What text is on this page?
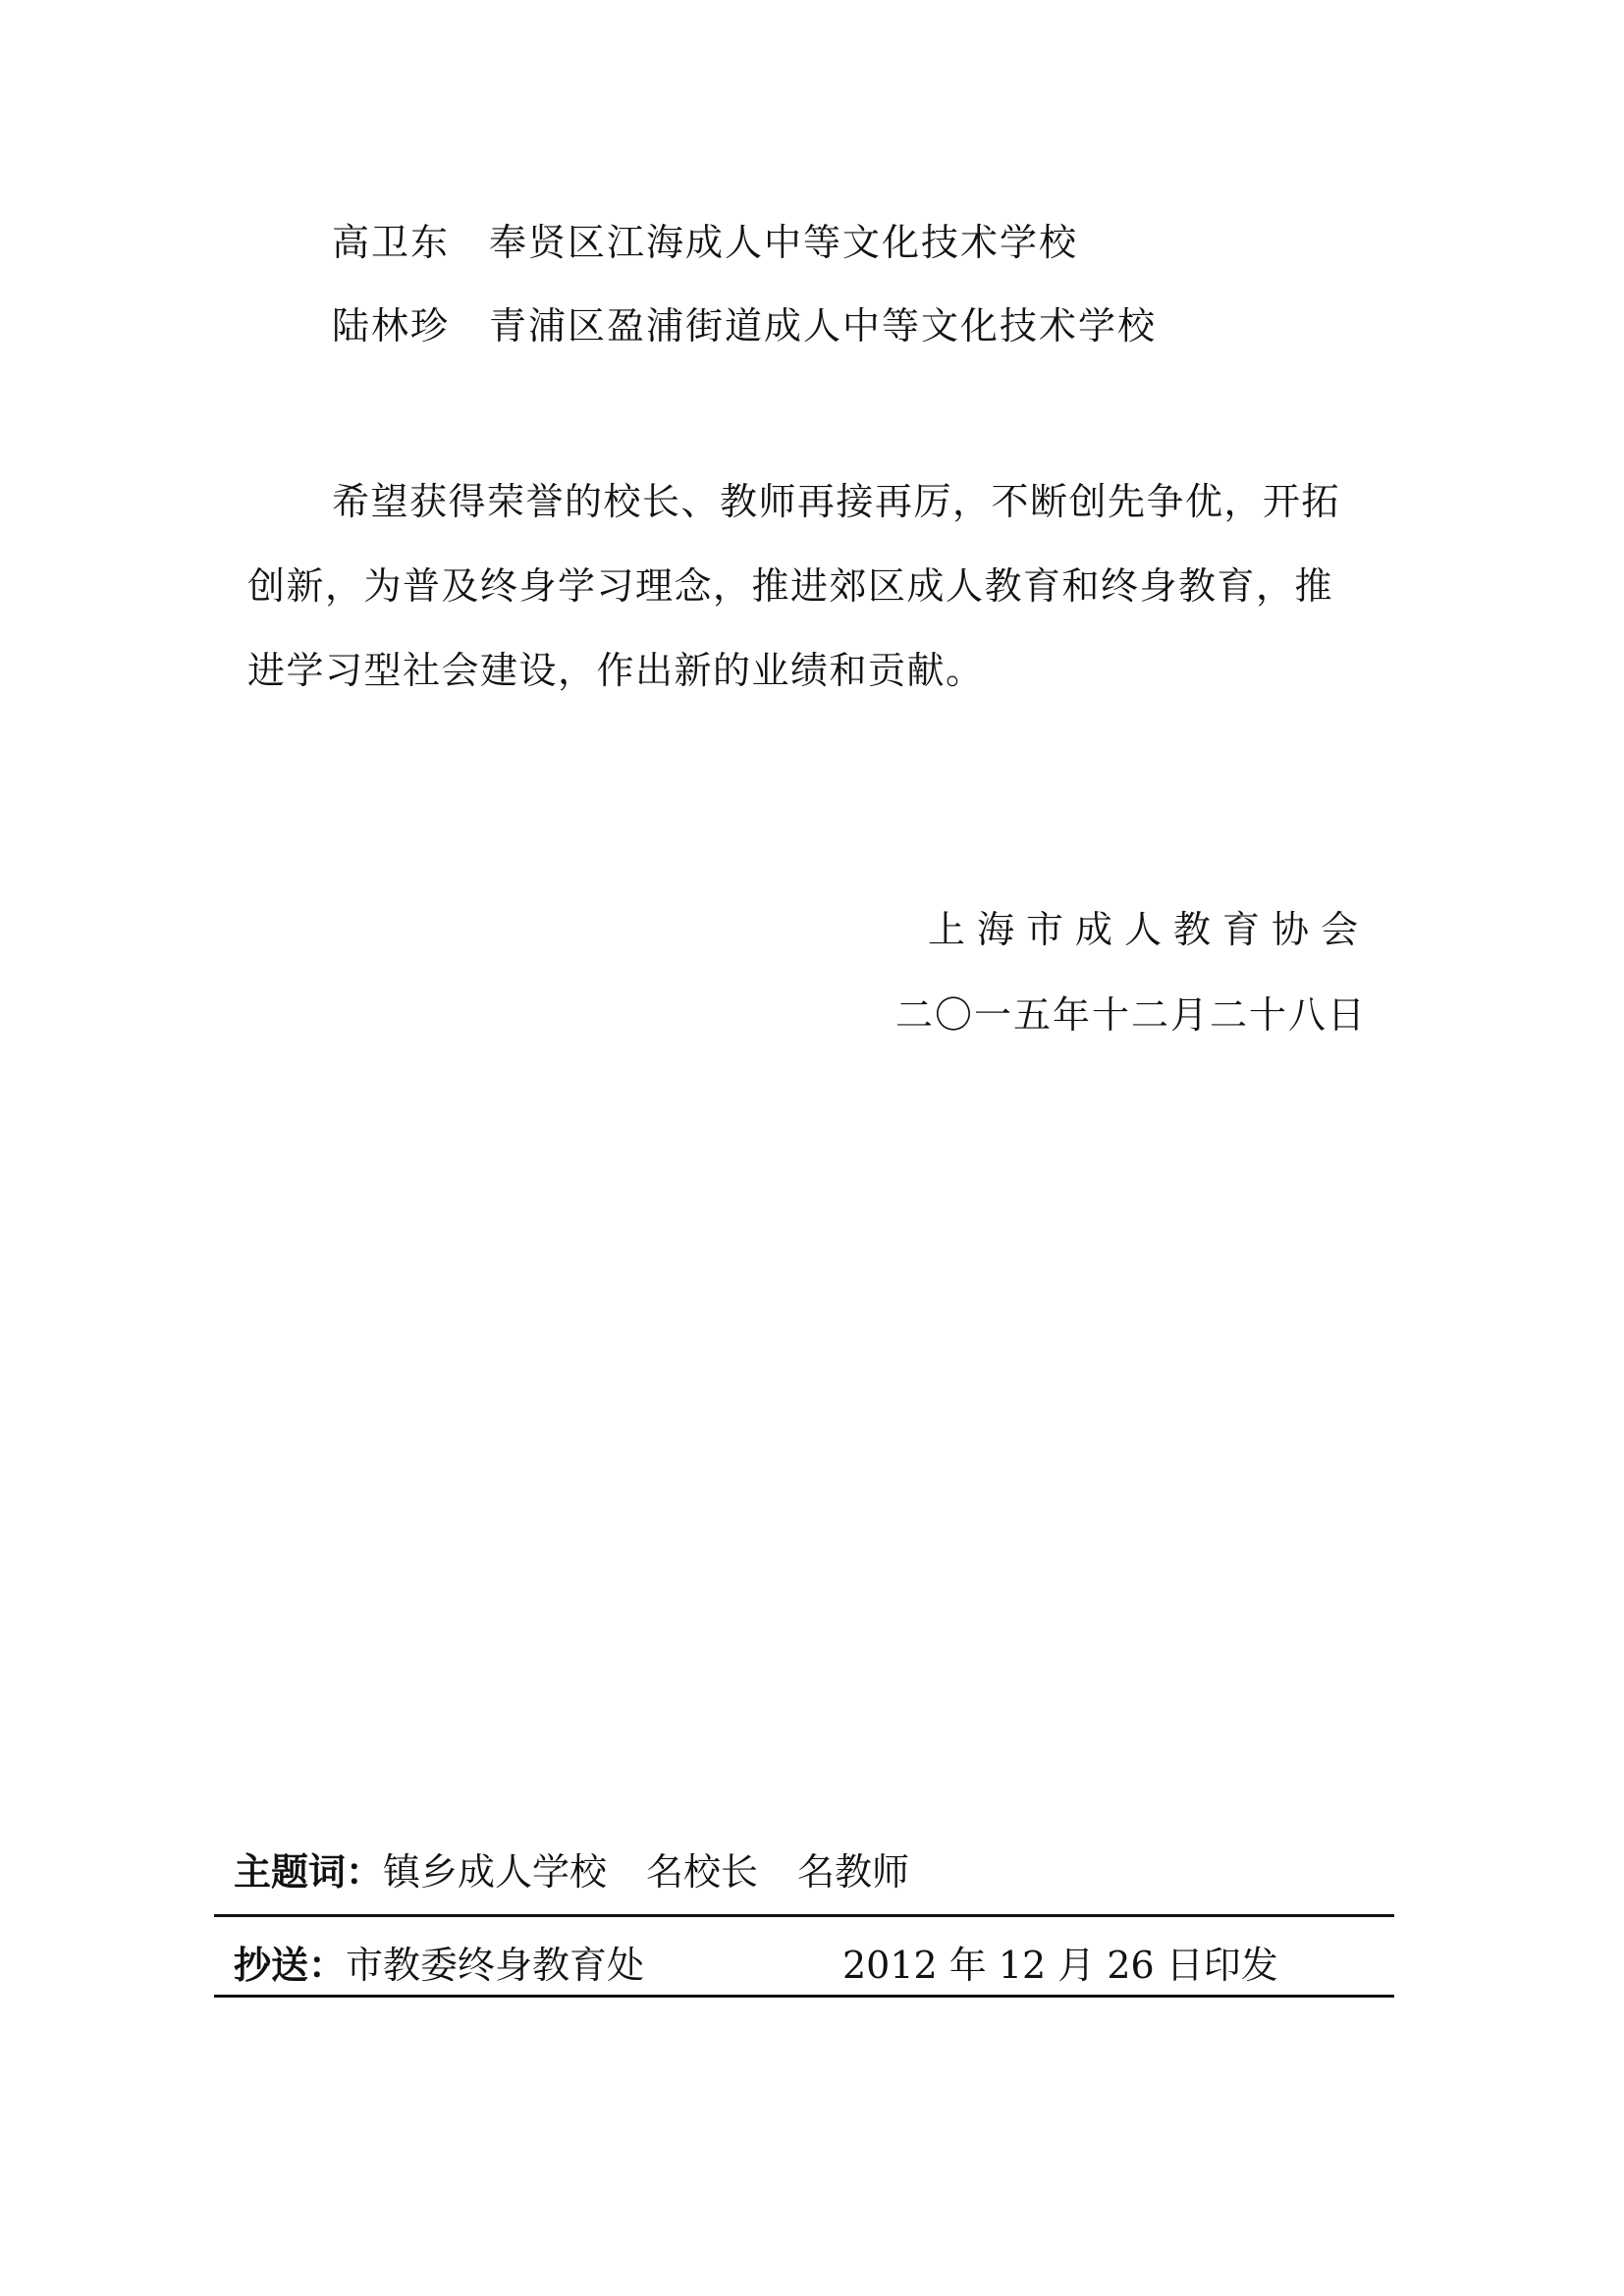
高卫东 奉贤区江海成人中等文化技术学校
陆林珍 青浦区盈浦街道成人中等文化技术学校
希望获得荣誉的校长、教师再接再厉，不断创先争优，开拓
创新，为普及终身学习理念，推进郊区成人教育和终身教育，推
进学习型社会建设，作出新的业绩和贡献。
上海市成人教育协会
二〇一五年十二月二十八日
主题词：镇乡成人学校 名校长 名教师
抄送：市教委终身教育处	2012 年 12 月 26 日印发
